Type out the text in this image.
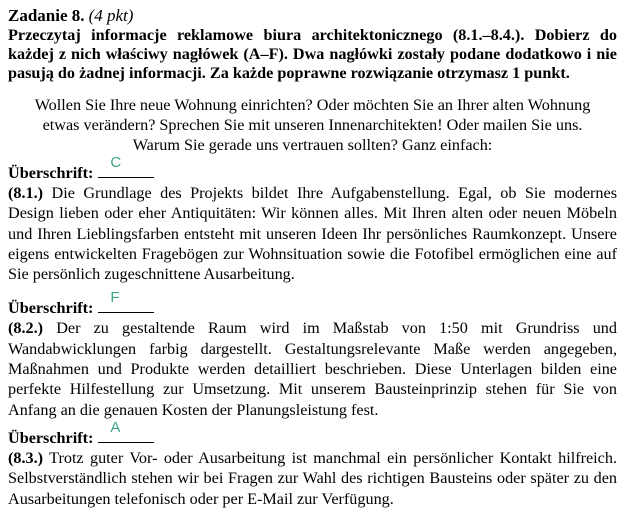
Zadanie 8. (4 pkt)
Przeczytaj informacje reklamowe biura architektonicznego (8.1.–8.4.). Dobierz do każdej z nich właściwy nagłówek (A–F). Dwa nagłówki zostały podane dodatkowo i nie pasują do żadnej informacji. Za każde poprawne rozwiązanie otrzymasz 1 punkt.
Wollen Sie Ihre neue Wohnung einrichten? Oder möchten Sie an Ihrer alten Wohnung
etwas verändern? Sprechen Sie mit unseren Innenarchitekten! Oder mailen Sie uns.
Warum Sie gerade uns vertrauen sollten? Ganz einfach:
Überschrift:
C
(8.1.) Die Grundlage des Projekts bildet Ihre Aufgabenstellung. Egal, ob Sie modernes Design lieben oder eher Antiquitäten: Wir können alles. Mit Ihren alten oder neuen Möbeln und Ihren Lieblingsfarben entsteht mit unseren Ideen Ihr persönliches Raumkonzept. Unsere eigens entwickelten Fragebögen zur Wohnsituation sowie die Fotofibel ermöglichen eine auf Sie persönlich zugeschnittene Ausarbeitung.
Überschrift:
F
(8.2.) Der zu gestaltende Raum wird im Maßstab von 1:50 mit Grundriss und Wandabwicklungen farbig dargestellt. Gestaltungsrelevante Maße werden angegeben, Maßnahmen und Produkte werden detailliert beschrieben. Diese Unterlagen bilden eine perfekte Hilfestellung zur Umsetzung. Mit unserem Bausteinprinzip stehen für Sie von Anfang an die genauen Kosten der Planungsleistung fest.
Überschrift:
A
(8.3.) Trotz guter Vor- oder Ausarbeitung ist manchmal ein persönlicher Kontakt hilfreich. Selbstverständlich stehen wir bei Fragen zur Wahl des richtigen Bausteins oder später zu den Ausarbeitungen telefonisch oder per E-Mail zur Verfügung.
